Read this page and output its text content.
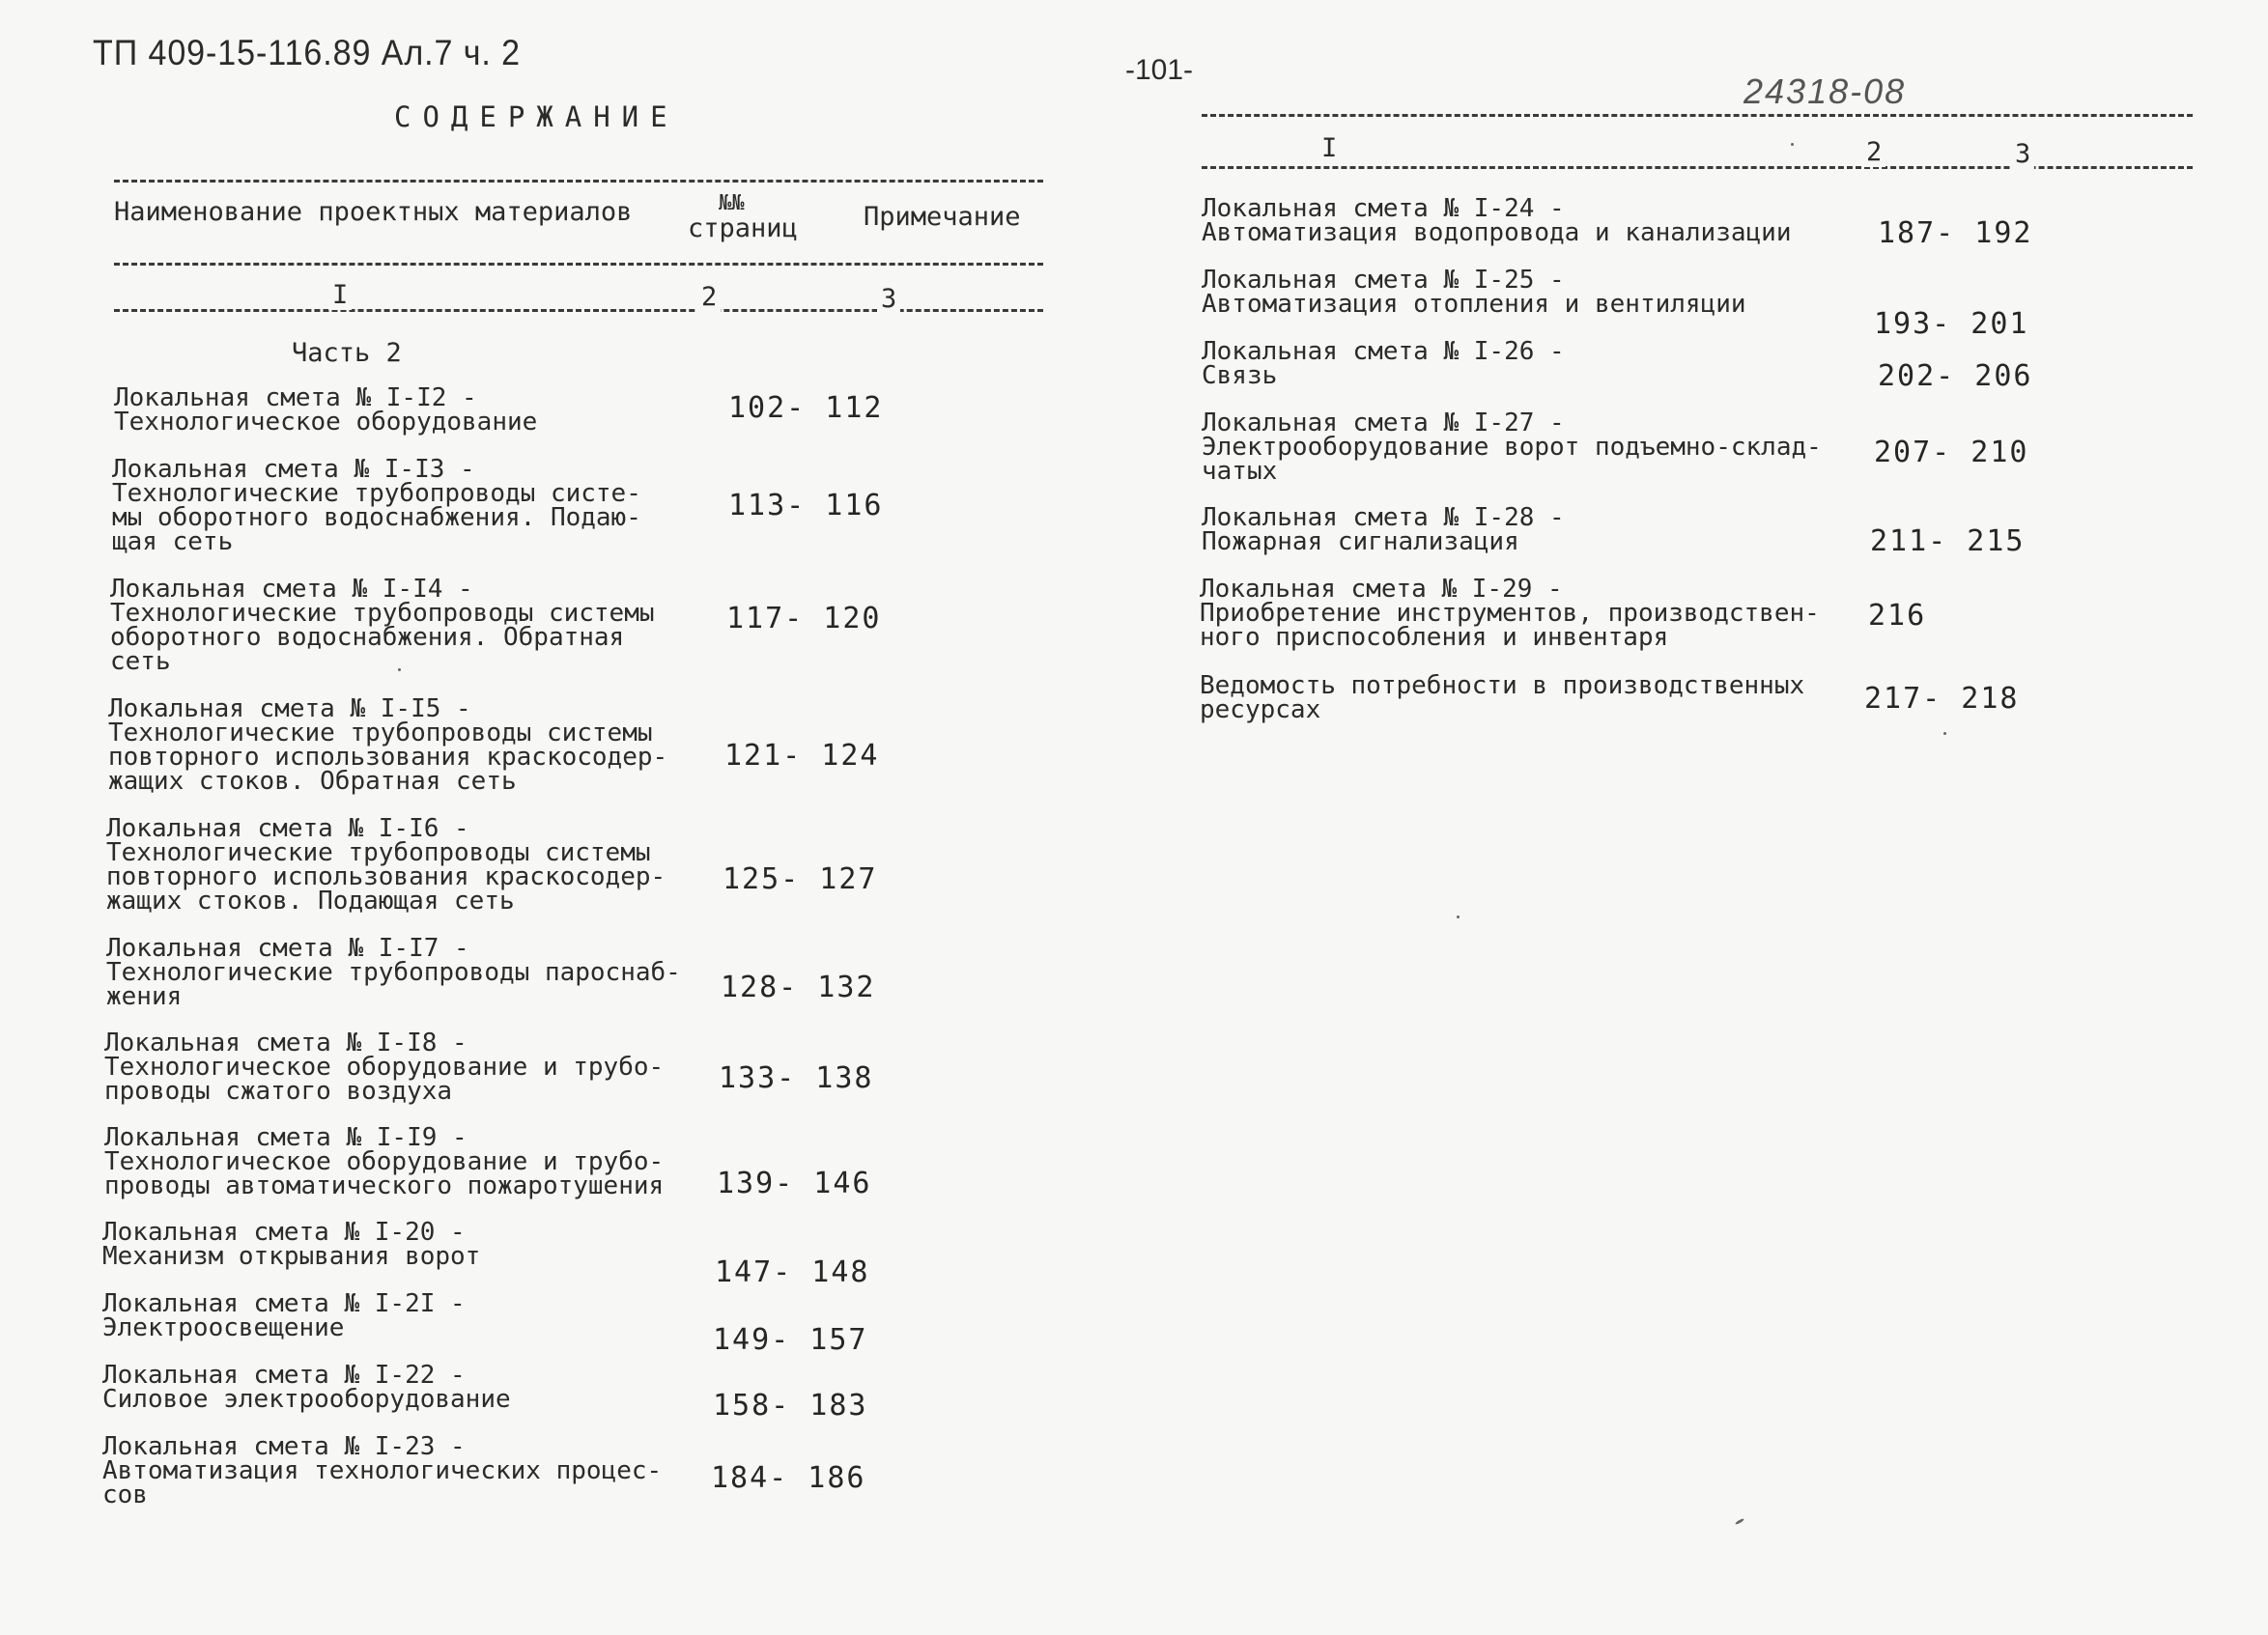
ТП 409-15-116.89 Ал.7 ч. 2	-101-
24318-08
СОДЕРЖАНИЕ
Наименование проектных материалов	№№
страниц	Примечание
I	2	3
Часть 2
Локальная смета № I-I2 -
Технологическое оборудование	102- 112
Локальная смета № I-I3 -
Технологические трубопроводы систе-
мы оборотного водоснабжения. Подаю-
щая сеть
113- 116
Локальная смета № I-I4 -
Технологические трубопроводы системы
оборотного водоснабжения. Обратная
сеть
117- 120
Локальная смета № I-I5 -
Технологические трубопроводы системы
повторного использования краскосодер-
жащих стоков. Обратная сеть
121- 124
Локальная смета № I-I6 -
Технологические трубопроводы системы
повторного использования краскосодер-
жащих стоков. Подающая сеть
125- 127
Локальная смета № I-I7 -
Технологические трубопроводы пароснаб-
жения	128- 132
Локальная смета № I-I8 -
Технологическое оборудование и трубо-
проводы сжатого воздуха	133- 138
Локальная смета № I-I9 -
Технологическое оборудование и трубо-
проводы автоматического пожаротушения 139- 146
Локальная смета № I-20 -
Механизм открывания ворот	147- 148
Локальная смета № I-2I -
Электроосвещение	149- 157
Локальная смета № I-22 -
Силовое электрооборудование	158- 183
Локальная смета № I-23 -
Автоматизация технологических процес-
сов	184- 186
I	2	3
Локальная смета № I-24 -
Автоматизация водопровода и канализации	187- 192
Локальная смета № I-25 -
Автоматизация отопления и вентиляции
193- 201
Локальная смета № I-26 -
Связь	202- 206
Локальная смета № I-27 -
Электрооборудование ворот подъемно-склад-
чатых
207- 210
Локальная смета № I-28 -
Пожарная сигнализация	211- 215
Локальная смета № I-29 -
Приобретение инструментов, производствен-
ного приспособления и инвентаря
216
Ведомость потребности в производственных
ресурсах	217- 218
